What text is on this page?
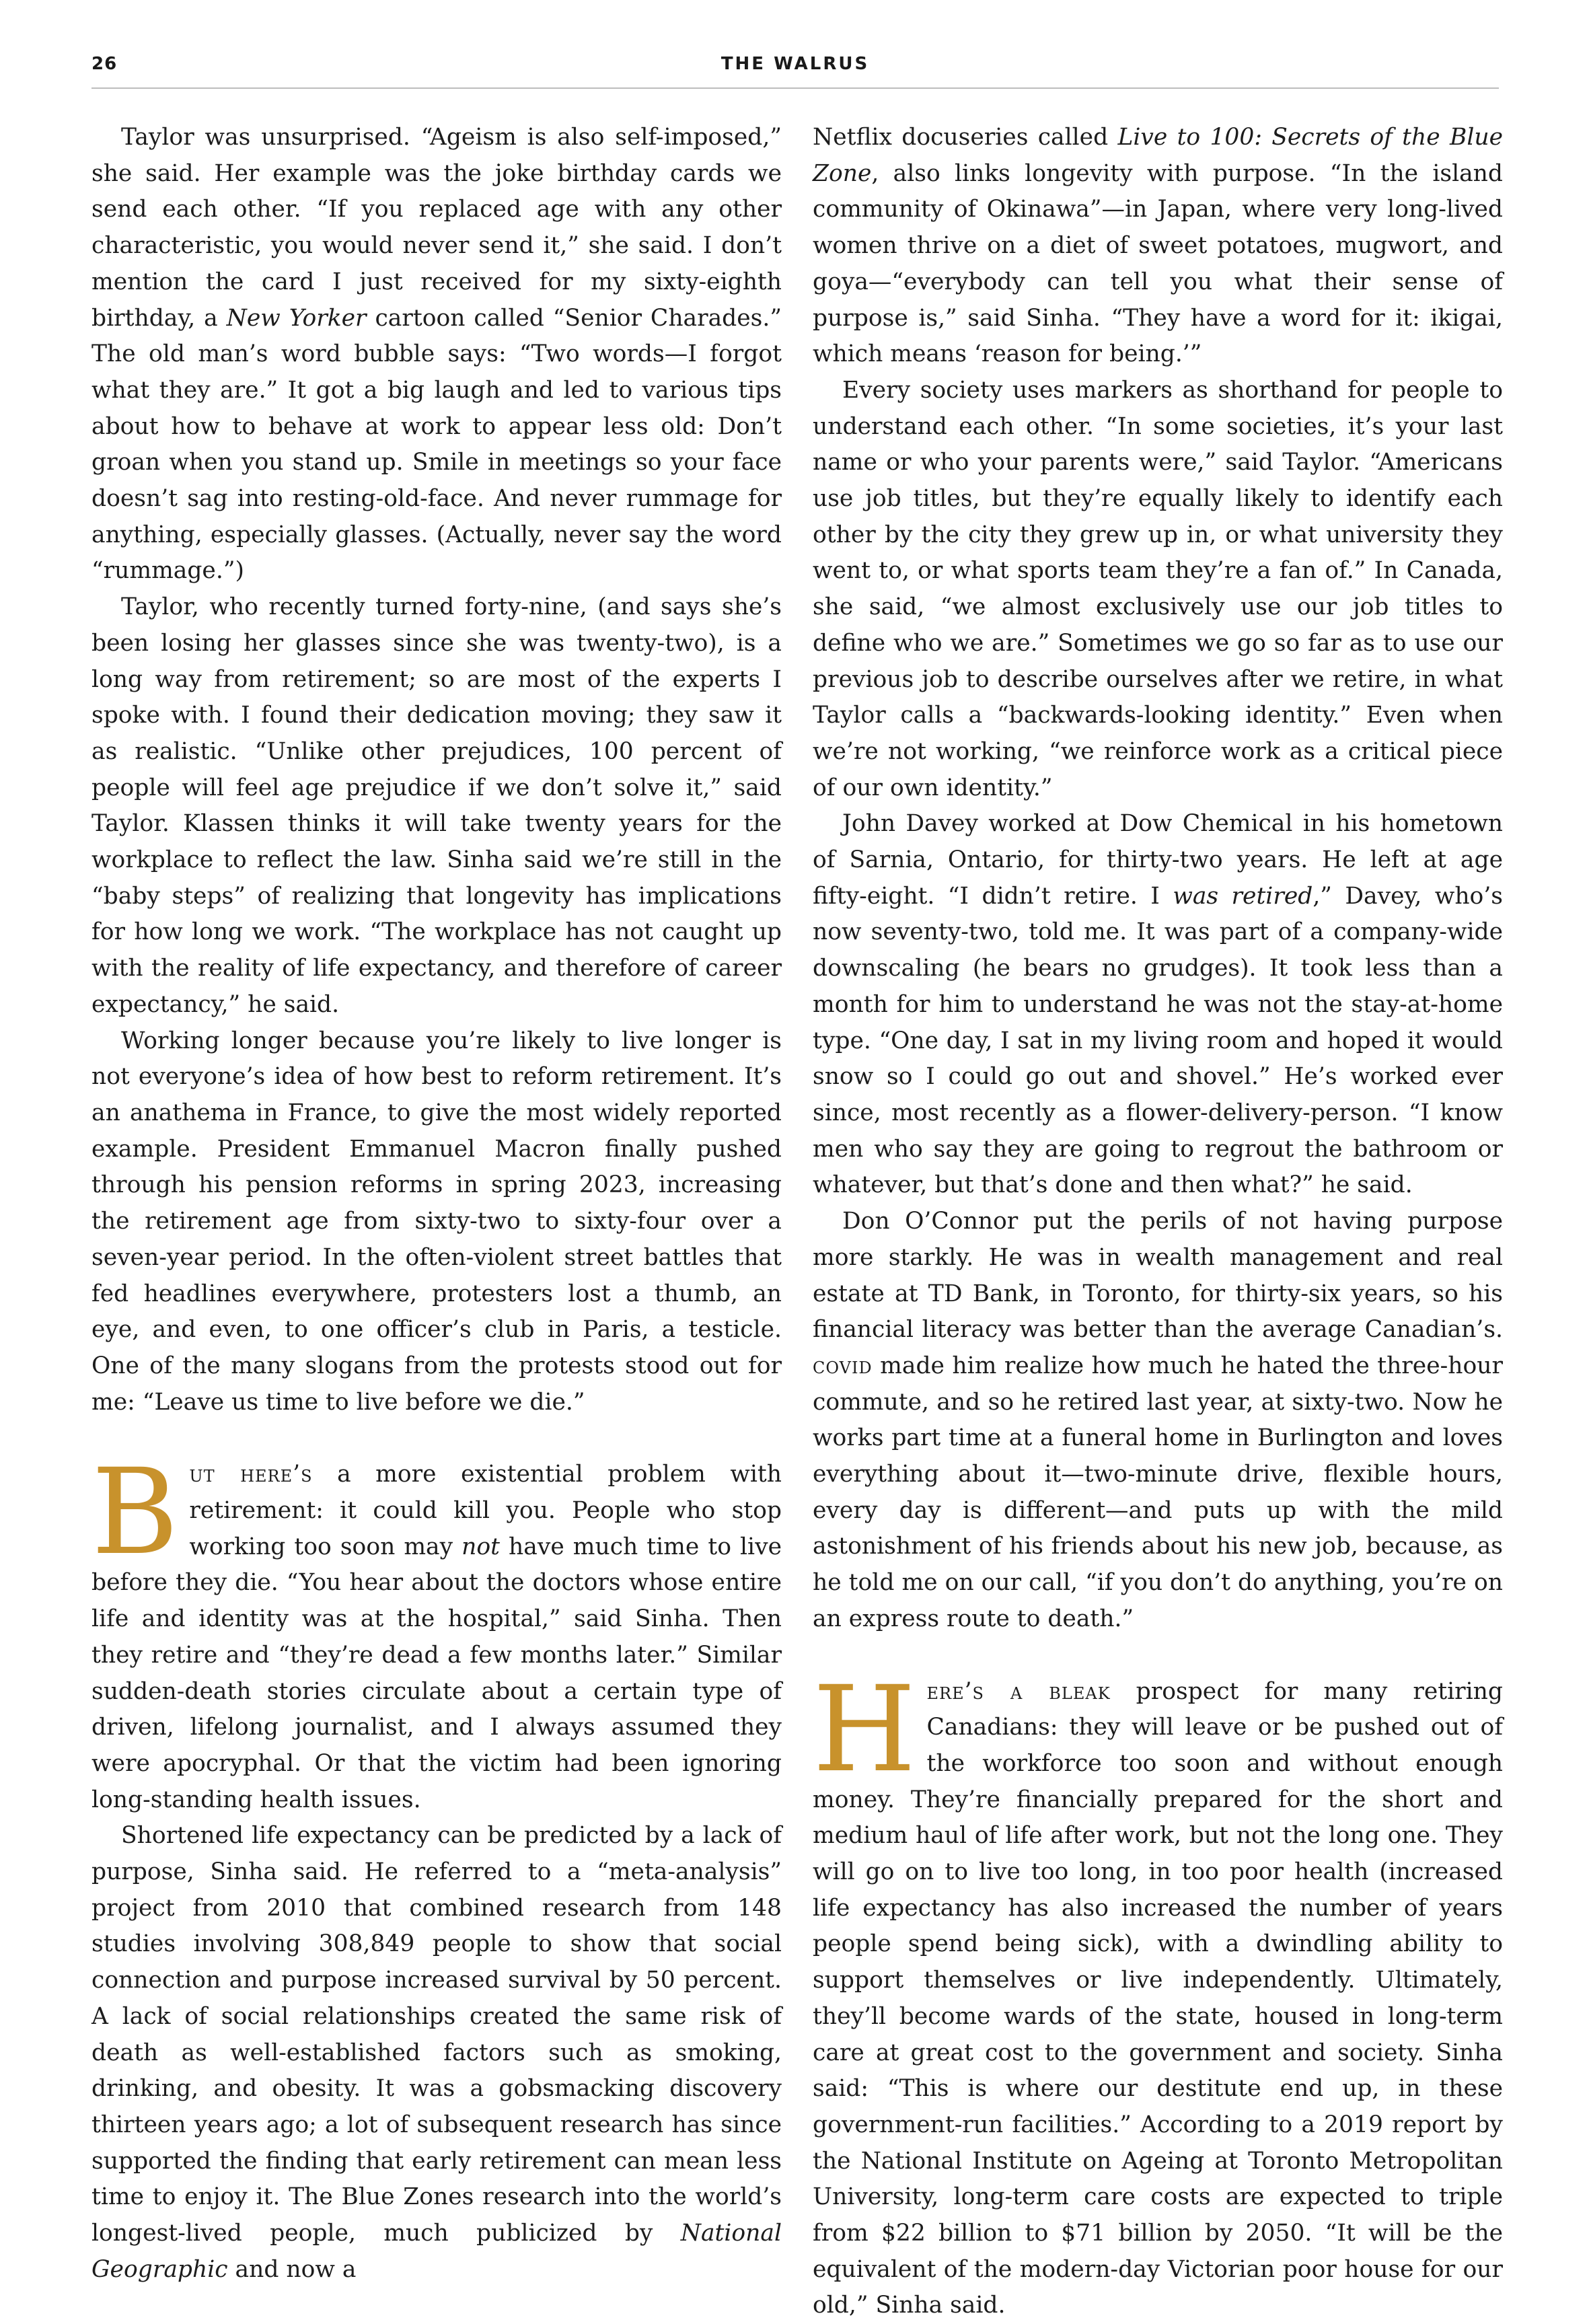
26	THE WALRUS

Taylor was unsurprised. “Ageism is also self-imposed,” she said. Her example was the joke birthday cards we send each other. “If you replaced age with any other characteristic, you would never send it,” she said. I don’t mention the card I just received for my sixty-eighth birthday, a New Yorker cartoon called “Senior Charades.” The old man’s word bubble says: “Two words—I forgot what they are.” It got a big laugh and led to various tips about how to behave at work to appear less old: Don’t groan when you stand up. Smile in meetings so your face doesn’t sag into resting-old-face. And never rummage for anything, especially glasses. (Actually, never say the word “rummage.”)

Taylor, who recently turned forty-nine, (and says she’s been losing her glasses since she was twenty-two), is a long way from retirement; so are most of the experts I spoke with. I found their dedication moving; they saw it as realistic. “Unlike other prejudices, 100 percent of people will feel age prejudice if we don’t solve it,” said Taylor. Klassen thinks it will take twenty years for the workplace to reflect the law. Sinha said we’re still in the “baby steps” of realizing that longevity has implications for how long we work. “The workplace has not caught up with the reality of life expectancy, and therefore of career expectancy,” he said.

Working longer because you’re likely to live longer is not everyone’s idea of how best to reform retirement. It’s an anathema in France, to give the most widely reported example. President Emmanuel Macron finally pushed through his pension reforms in spring 2023, increasing the retirement age from sixty-two to sixty-four over a seven-year period. In the often-violent street battles that fed headlines everywhere, protesters lost a thumb, an eye, and even, to one officer’s club in Paris, a testicle. One of the many slogans from the protests stood out for me: “Leave us time to live before we die.”

But here’s a more existential problem with retirement: it could kill you. People who stop working too soon may not have much time to live before they die. “You hear about the doctors whose entire life and identity was at the hospital,” said Sinha. Then they retire and “they’re dead a few months later.” Similar sudden-death stories circulate about a certain type of driven, lifelong journalist, and I always assumed they were apocryphal. Or that the victim had been ignoring long-standing health issues.

Shortened life expectancy can be predicted by a lack of purpose, Sinha said. He referred to a “meta-analysis” project from 2010 that combined research from 148 studies involving 308,849 people to show that social connection and purpose increased survival by 50 percent. A lack of social relationships created the same risk of death as well-established factors such as smoking, drinking, and obesity. It was a gobsmacking discovery thirteen years ago; a lot of subsequent research has since supported the finding that early retirement can mean less time to enjoy it. The Blue Zones research into the world’s longest-lived people, much publicized by National Geographic and now a

Netflix docuseries called Live to 100: Secrets of the Blue Zone, also links longevity with purpose. “In the island community of Okinawa”—in Japan, where very long-lived women thrive on a diet of sweet potatoes, mugwort, and goya—“everybody can tell you what their sense of purpose is,” said Sinha. “They have a word for it: ikigai, which means ‘reason for being.’”

Every society uses markers as shorthand for people to understand each other. “In some societies, it’s your last name or who your parents were,” said Taylor. “Americans use job titles, but they’re equally likely to identify each other by the city they grew up in, or what university they went to, or what sports team they’re a fan of.” In Canada, she said, “we almost exclusively use our job titles to define who we are.” Sometimes we go so far as to use our previous job to describe ourselves after we retire, in what Taylor calls a “backwards-looking identity.” Even when we’re not working, “we reinforce work as a critical piece of our own identity.”

John Davey worked at Dow Chemical in his hometown of Sarnia, Ontario, for thirty-two years. He left at age fifty-eight. “I didn’t retire. I was retired,” Davey, who’s now seventy-two, told me. It was part of a company-wide downscaling (he bears no grudges). It took less than a month for him to understand he was not the stay-at-home type. “One day, I sat in my living room and hoped it would snow so I could go out and shovel.” He’s worked ever since, most recently as a flower-delivery-person. “I know men who say they are going to regrout the bathroom or whatever, but that’s done and then what?” he said.

Don O’Connor put the perils of not having purpose more starkly. He was in wealth management and real estate at TD Bank, in Toronto, for thirty-six years, so his financial literacy was better than the average Canadian’s. covid made him realize how much he hated the three-hour commute, and so he retired last year, at sixty-two. Now he works part time at a funeral home in Burlington and loves everything about it—two-minute drive, flexible hours, every day is different—and puts up with the mild astonishment of his friends about his new job, because, as he told me on our call, “if you don’t do anything, you’re on an express route to death.”

Here’s a bleak prospect for many retiring Canadians: they will leave or be pushed out of the workforce too soon and without enough money. They’re financially prepared for the short and medium haul of life after work, but not the long one. They will go on to live too long, in too poor health (increased life expectancy has also increased the number of years people spend being sick), with a dwindling ability to support themselves or live independently. Ultimately, they’ll become wards of the state, housed in long-term care at great cost to the government and society. Sinha said: “This is where our destitute end up, in these government-run facilities.” According to a 2019 report by the National Institute on Ageing at Toronto Metropolitan University, long-term care costs are expected to triple from $22 billion to $71 billion by 2050. “It will be the equivalent of the modern-day Victorian poor house for our old,” Sinha said.
